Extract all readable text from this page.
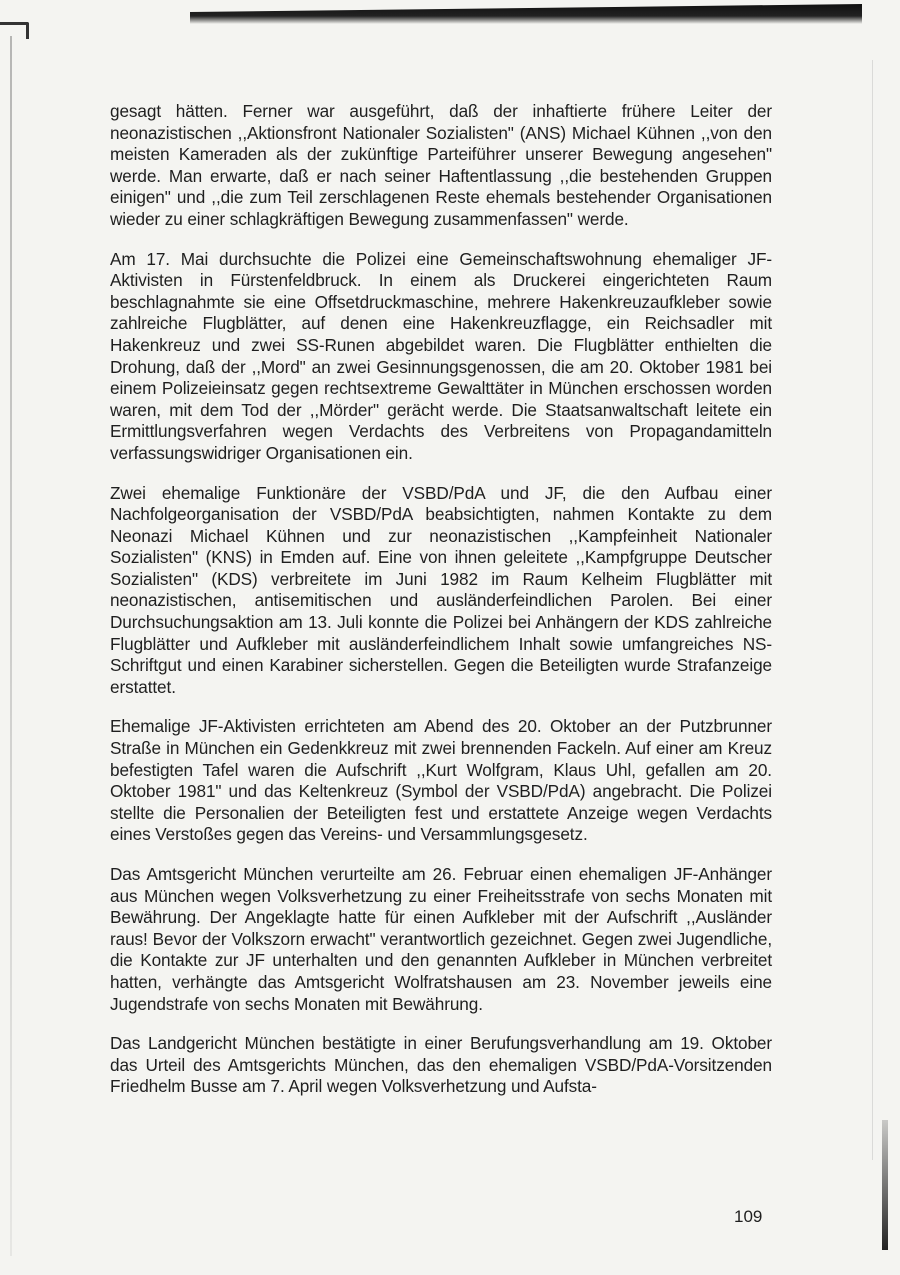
gesagt hätten. Ferner war ausgeführt, daß der inhaftierte frühere Leiter der neonazistischen ,,Aktionsfront Nationaler Sozialisten" (ANS) Michael Kühnen ,,von den meisten Kameraden als der zukünftige Parteiführer unserer Bewegung angesehen" werde. Man erwarte, daß er nach seiner Haftentlassung ,,die bestehenden Gruppen einigen" und ,,die zum Teil zerschlagenen Reste ehemals bestehender Organisationen wieder zu einer schlagkräftigen Bewegung zusammenfassen" werde.

Am 17. Mai durchsuchte die Polizei eine Gemeinschaftswohnung ehemaliger JF-Aktivisten in Fürstenfeldbruck. In einem als Druckerei eingerichteten Raum beschlagnahmte sie eine Offsetdruckmaschine, mehrere Hakenkreuzaufkleber sowie zahlreiche Flugblätter, auf denen eine Hakenkreuzflagge, ein Reichsadler mit Hakenkreuz und zwei SS-Runen abgebildet waren. Die Flugblätter enthielten die Drohung, daß der ,,Mord" an zwei Gesinnungsgenossen, die am 20. Oktober 1981 bei einem Polizeieinsatz gegen rechtsextreme Gewalttäter in München erschossen worden waren, mit dem Tod der ,,Mörder" gerächt werde. Die Staatsanwaltschaft leitete ein Ermittlungsverfahren wegen Verdachts des Verbreitens von Propagandamitteln verfassungswidriger Organisationen ein.

Zwei ehemalige Funktionäre der VSBD/PdA und JF, die den Aufbau einer Nachfolgeorganisation der VSBD/PdA beabsichtigten, nahmen Kontakte zu dem Neonazi Michael Kühnen und zur neonazistischen ,,Kampfeinheit Nationaler Sozialisten" (KNS) in Emden auf. Eine von ihnen geleitete ,,Kampfgruppe Deutscher Sozialisten" (KDS) verbreitete im Juni 1982 im Raum Kelheim Flugblätter mit neonazistischen, antisemitischen und ausländerfeindlichen Parolen. Bei einer Durchsuchungsaktion am 13. Juli konnte die Polizei bei Anhängern der KDS zahlreiche Flugblätter und Aufkleber mit ausländerfeindlichem Inhalt sowie umfangreiches NS-Schriftgut und einen Karabiner sicherstellen. Gegen die Beteiligten wurde Strafanzeige erstattet.

Ehemalige JF-Aktivisten errichteten am Abend des 20. Oktober an der Putzbrunner Straße in München ein Gedenkkreuz mit zwei brennenden Fackeln. Auf einer am Kreuz befestigten Tafel waren die Aufschrift ,,Kurt Wolfgram, Klaus Uhl, gefallen am 20. Oktober 1981" und das Keltenkreuz (Symbol der VSBD/PdA) angebracht. Die Polizei stellte die Personalien der Beteiligten fest und erstattete Anzeige wegen Verdachts eines Verstoßes gegen das Vereins- und Versammlungsgesetz.

Das Amtsgericht München verurteilte am 26. Februar einen ehemaligen JF-Anhänger aus München wegen Volksverhetzung zu einer Freiheitsstrafe von sechs Monaten mit Bewährung. Der Angeklagte hatte für einen Aufkleber mit der Aufschrift ,,Ausländer raus! Bevor der Volkszorn erwacht" verantwortlich gezeichnet. Gegen zwei Jugendliche, die Kontakte zur JF unterhalten und den genannten Aufkleber in München verbreitet hatten, verhängte das Amtsgericht Wolfratshausen am 23. November jeweils eine Jugendstrafe von sechs Monaten mit Bewährung.

Das Landgericht München bestätigte in einer Berufungsverhandlung am 19. Oktober das Urteil des Amtsgerichts München, das den ehemaligen VSBD/PdA-Vorsitzenden Friedhelm Busse am 7. April wegen Volksverhetzung und Aufsta-

109
